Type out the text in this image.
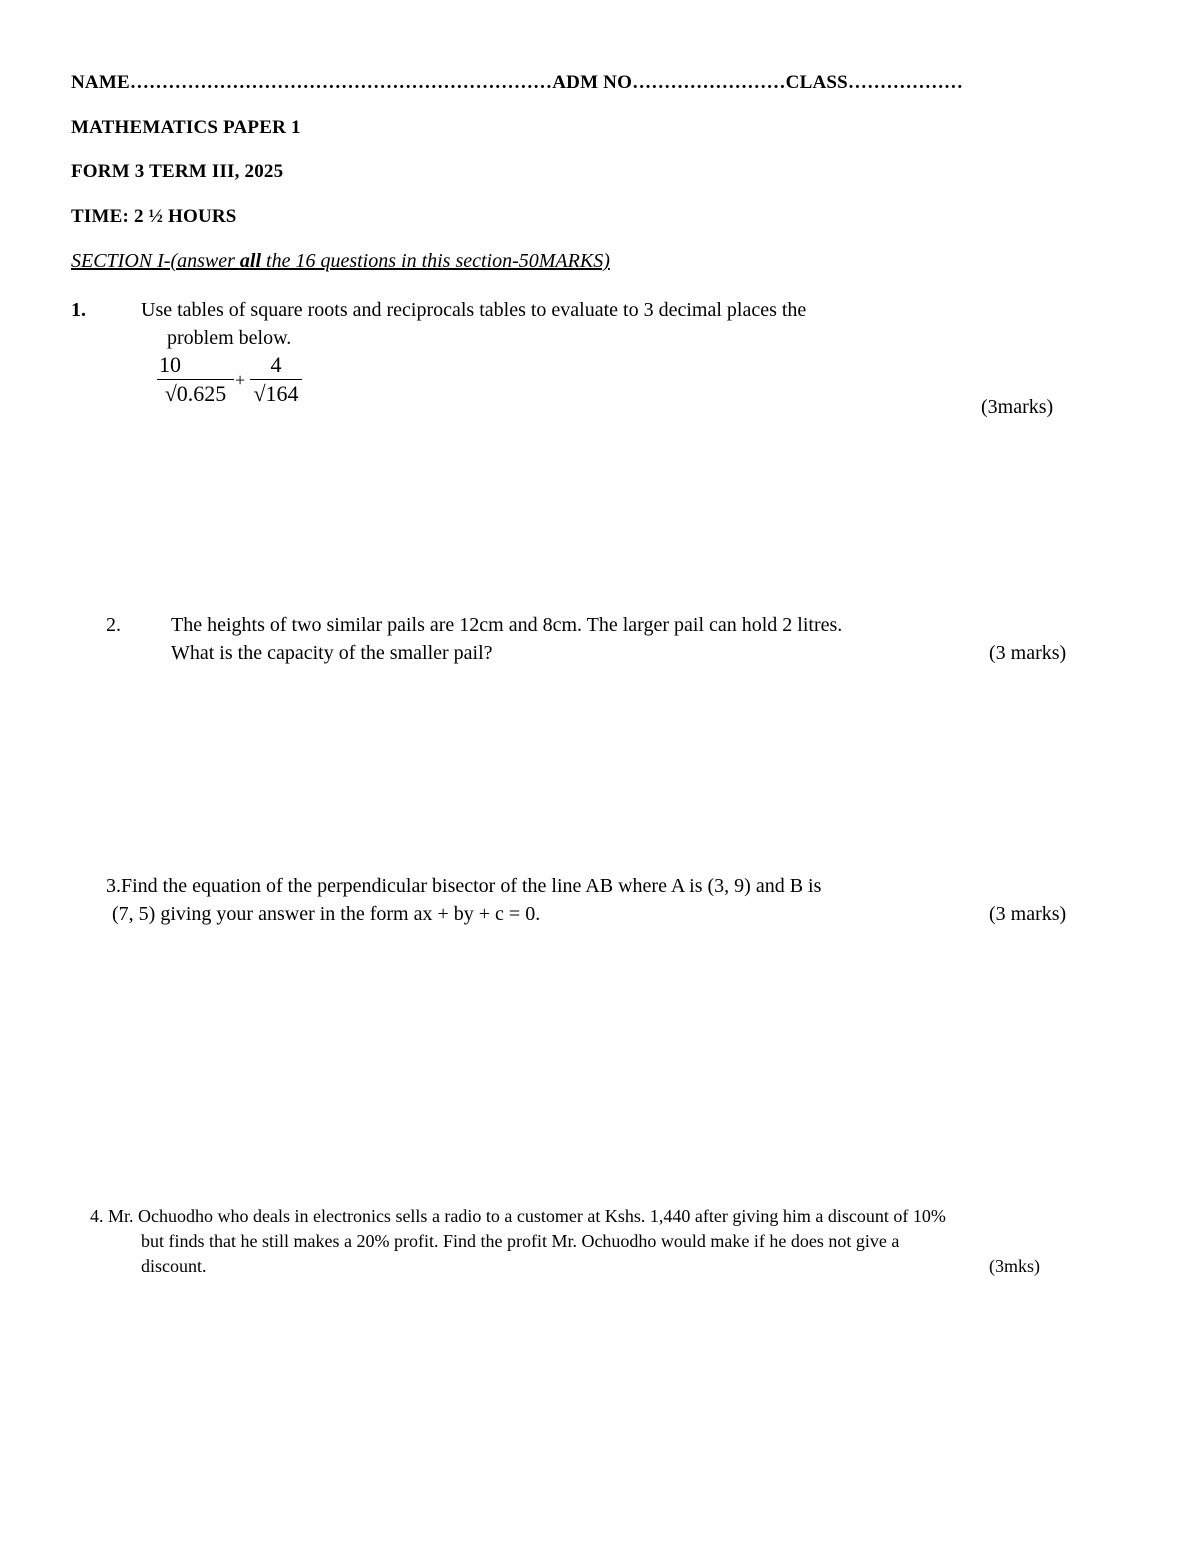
NAME…………………………………………………………ADM NO……………………CLASS………………
MATHEMATICS PAPER 1
FORM 3 TERM III, 2025
TIME: 2 ½ HOURS
SECTION I-(answer all the 16 questions in this section-50MARKS)
1.	Use tables of square roots and reciprocals tables to evaluate to 3 decimal places the
problem below.
10
√0.625
+
4
√164
(3marks)
2.	The heights of two similar pails are 12cm and 8cm. The larger pail can hold 2 litres.
What is the capacity of the smaller pail?	(3 marks)
3.Find the equation of the perpendicular bisector of the line AB where A is (3, 9) and B is
(7, 5) giving your answer in the form ax + by + c = 0.	(3 marks)
4. Mr. Ochuodho who deals in electronics sells a radio to a customer at Kshs. 1,440 after giving him a discount of 10%
but finds that he still makes a 20% profit. Find the profit Mr. Ochuodho would make if he does not give a
discount.	(3mks)
